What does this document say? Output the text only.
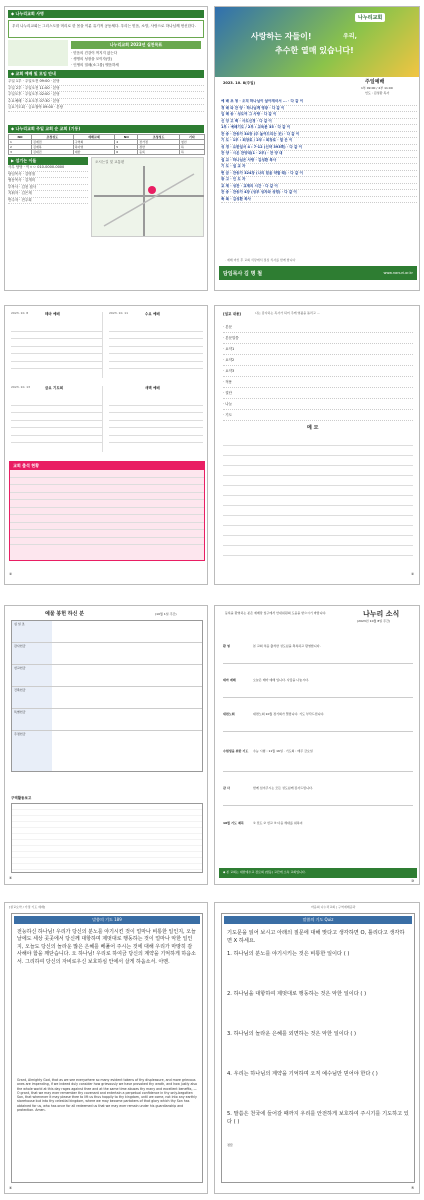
◆ 나누리교회 사명
우리 나누리교회는 그리스도를 머리로 한 몸을 이룬 유기적 공동체다. 우리는 믿음, 소망, 사랑으로 하나님께 헌신한다.
나누리교회 2023년 실천목표
· 믿음의 건강이 꺼지지 않는다
· 생명의 성장을 모이자(빗)
· 인생의 열매(소그룹) 맺음하세
◆ 교회 예배 및 모임 안내
주일 1부 · 주일오전 09:00 · 본당
주일 2부 · 주일오전 11:00 · 본당
주일오후 · 주일오후 02:00 · 본당
수요예배 · 수요오후 07:30 · 본당
금요기도회 · 금요철야 09:00 · 본당
◆ 나누리교회 주일 교회 순 교회 (기둥)
NO	초청성도	예배교제	NO	초청성도	기타
1	김예전	구역회	4	전가정	청년
2	김예하	하이영	5	정한	하
3	김대진	대한	6	등록	하
▶ 섬기는 이들
사무 담당 · 이ㅇㅇ 010-0000-0000
담임목사 · 김명철
협동목사 · 김개미
부목사 · 김천 집사
지휘자 · 김은재
반주자 · 전주희
오시는길 및 교통편
나누리교회
사랑하는 자들이!	우리,
추수한 열매 있습니다!
2023. 10. 8(주일)	주일예배
1부 09:00 / 2부 11:00
인도 : 김성환 목사
예 배 초 청 · 오직 하나님이 살아계셔서 ... · 다 같 이
경 배 와 찬 양 · 하나님께 영광 · 다 같 이
입 례 송 · 성도여 그 사랑 · 다 같 이
신 앙 고 백 · 사도신경 · 다 같 이
1부 : 예배기도 / 2부 : 교독문 35 · 다 같 이
찬 송 · 찬송가 34장 (주 높여드리는 곳) · 다 같 이
기 도 · 1부 : 회장로 / 2부 : 회장로 · 맡 은 이
성 경 · 요한일서 4 : 7-12 (신약 393쪽) · 다 같 이
찬 양 · 시온 찬양대(1 · 2부) · 찬 양 대
설 교 · 하나님은 사랑 · 김성환 목사
기 도 · 설 교 자
헌 금 · 찬송가 324장 (나의 믿음 약할 때) · 다 같 이
광 고 · 인 도 자
교 제 · 성찬 · 교제의 시간 · 다 같 이
찬 송 · 찬송가 4장 (성부 성자와 성령) · 다 같 이
축 복 · 김성환 목사
· 예배 마친 후 교회 식당에서 점심 식사를 함께 합니다
담임목사 김 명 철	www.nanuri.or.kr
2023. 10. 8	테마 예배	2023. 10. 11	수요 예배
2023. 10. 13	금요 기도회	새벽 예배
교회 출석 현황
②
[설교 내용]	나는 감사하는 목사가 되어 주께 영광을 돌리고 ...
· 본문
· 본문말씀
· 요약1
· 요약2
· 요약3
· 적용
· 결단
· 나눔
· 기도
메 모
②
예물 봉헌 하신 분	(10월 1일 주간)
십 일 조
감사헌금
선교헌금
건축헌금
특별헌금
주정헌금
구역활동보고
④
등록을 환영하는 분은 예배당 입구에서 안내위원의 도움을 받으시기 바랍니다.	나누리 소식
(2023년 10월 8일 주간)
환 영	본 교회 처음 출석한 성도님을 축복하고 환영합니다.
테마 예배	오늘은 테마 예배 입니다. 사랑을 나눕시다.
대면노회	대면노회 10월 정기회가 열립니다. 기도 부탁드립니다.
수험생을 위한 기도	수능 시험 : 11월 16일 · 기도회 : 매주 금요일
감 사	함께 섬겨주시는 모든 성도님께 감사드립니다.
10월 기도 제목	① 전도 ② 선교 ③ 다음 세대를 위하여
◆ 본 교회는 대한예수교 장로회 (합동) 교단에 소속 교회입니다.
③
[설교요약 / 가정 기도 예배]
말씀의 기도 189
전능하신 하나님! 우리가 당신의 분노를 야기시킨 것이 얼마나 비통한 일인지, 오늘날에도 세상 곳곳에서 당신께 대항하며 제멋대로 행동하는 것이 얼마나 악한 일인지, 오늘도 당신의 놀라운 많은 은혜를 베풀어 주시는 것에 대해 우리가 마땅히 감사해야 함을 깨닫습니다. 오 하나님! 우리로 하여금 당신의 계약을 기억하게 하옵소서. 그리하여 당신의 자비로우신 보호하심 안에서 살게 하옵소서. 아멘.
Grant, Almighty God, that as we see everywhere so many evident tokens of thy displeasure, and more grievous ones are impending, if we indeed duly consider how grievously we have provoked thy wrath, and how justly also the whole world at this day rages against thee and at the same time abuses thy many and excellent benefits, — O grant, that we may ever remember thy covenant and entertain a perpetual confidence in thy only-begotten Son, that whenever it may please thee to lift us thus happily to thy kingdom, until we come, not into any earthly storehouse but into thy celestial kingdom, where we may become partakers of that glory which thy Son has obtained for us, who has once for all redeemed us that we may ever remain under his guardianship and protection. Amen.
④
마음의 나누리교회 | 구역예배공과
말씀의 기도 Quiz
기도문을 읽어 보시고 아래의 질문에 대해 맞다고 생각하면 O, 틀리다고 생각하면 X 하세요.
1. 하나님의 분노를 야기시키는 것은 비통한 일이다 ( )
2. 하나님을 대항하여 제멋대로 행동하는 것은 악한 일이다 ( )
3. 하나님의 놀라운 은혜를 외면하는 것은 악한 일이다 ( )
4. 우리는 하나님의 계약을 기억하며 오직 예수님만 믿어야 한다 ( )
5. 말씀은 천국에 들어갈 때까지 우리를 안전하게 보호하여 주시기를 기도하고 있다 ( )
정답
⑤
